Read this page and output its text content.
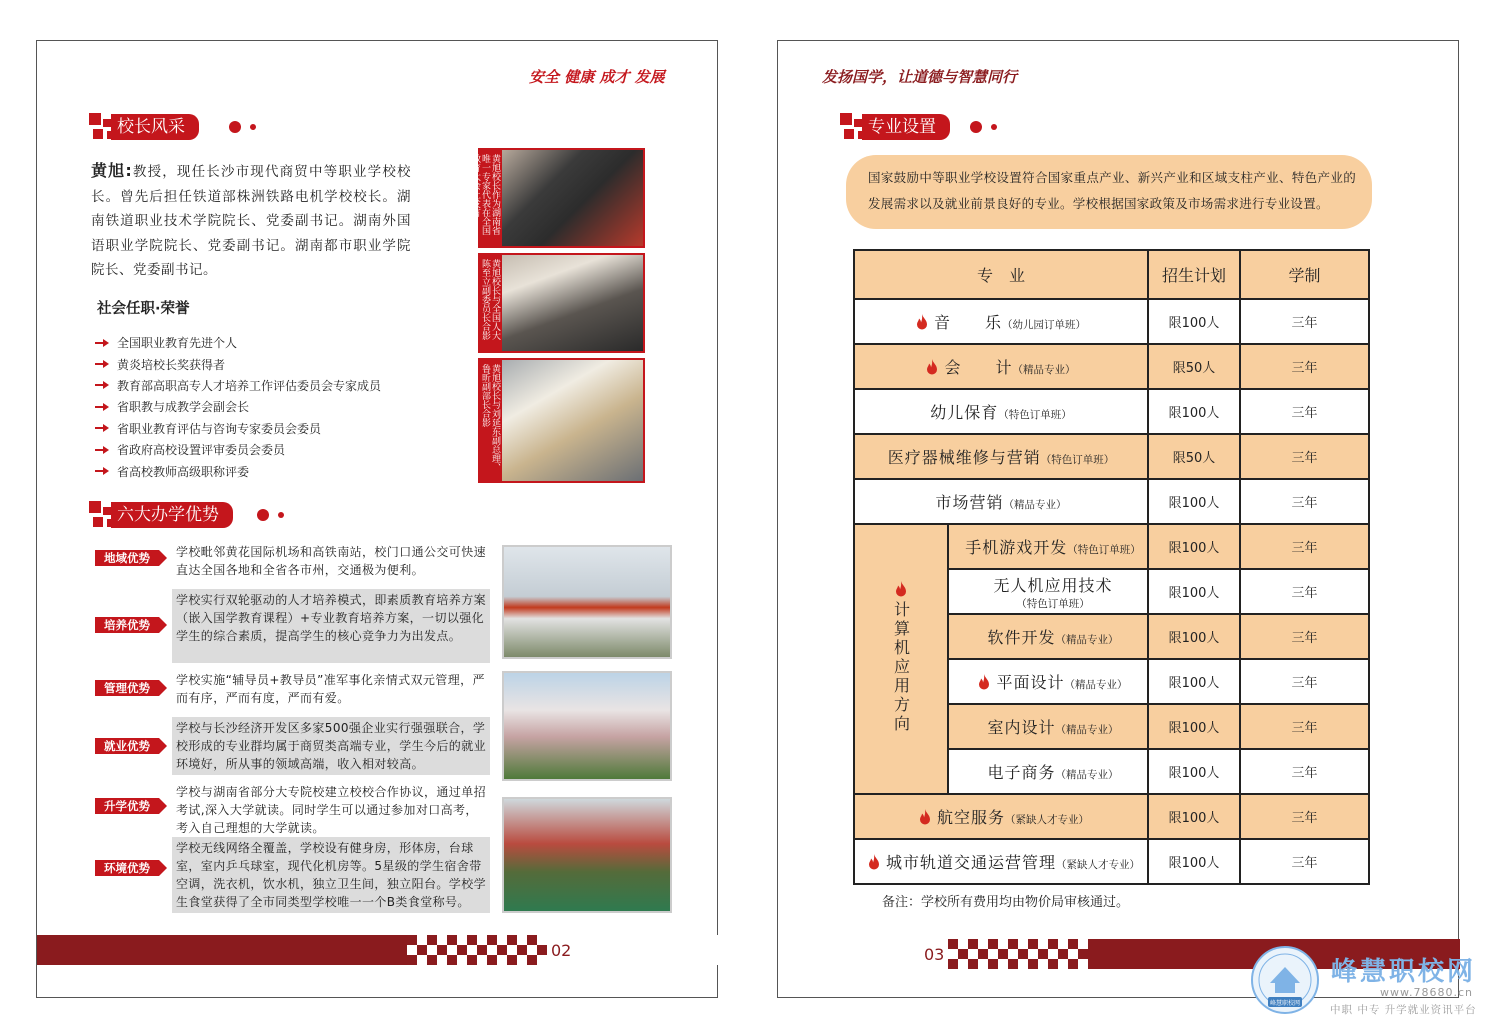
安全 健康 成才 发展
校长风采
黄旭:教授，现任长沙市现代商贸中等职业学校校长。曾先后担任铁道部株洲铁路电机学校校长。湖南铁道职业技术学院院长、党委副书记。湖南外国语职业学院院长、党委副书记。湖南都市职业学院院长、党委副书记。
社会任职·荣誉
全国职业教育先进个人
黄炎培校长奖获得者
教育部高职高专人才培养工作评估委员会专家成员
省职教与成教学会副会长
省职业教育评估与咨询专家委员会委员
省政府高校设置评审委员会委员
省高校教师高级职称评委
黄旭校长作为湖南省唯一专家代表在全国教育大会上发言
黄旭校长与全国人大陈至立副委员长合影
黄旭校长与刘延东副总理、鲁昕副部长合影
六大办学优势
地域优势	学校毗邻黄花国际机场和高铁南站，校门口通公交可快速直达全国各地和全省各市州，交通极为便利。
培养优势
学校实行双轮驱动的人才培养模式，即素质教育培养方案（嵌入国学教育课程）+专业教育培养方案，一切以强化学生的综合素质，提高学生的核心竞争力为出发点。
管理优势
学校实施“辅导员+教导员”准军事化亲情式双元管理，严而有序，严而有度，严而有爱。
就业优势
学校与长沙经济开发区多家500强企业实行强强联合，学校形成的专业群均属于商贸类高端专业，学生今后的就业环境好，所从事的领域高端，收入相对较高。
升学优势
学校与湖南省部分大专院校建立校校合作协议，通过单招考试,深入大学就读。同时学生可以通过参加对口高考，考入自己理想的大学就读。
环境优势
学校无线网络全覆盖，学校设有健身房，形体房，台球室，室内乒乓球室，现代化机房等。5星级的学生宿舍带空调，洗衣机，饮水机，独立卫生间，独立阳台。学校学生食堂获得了全市同类型学校唯一一个B类食堂称号。
02
发扬国学，让道德与智慧同行
专业设置
国家鼓励中等职业学校设置符合国家重点产业、新兴产业和区域支柱产业、特色产业的发展需求以及就业前景良好的专业。学校根据国家政策及市场需求进行专业设置。
专　业		招生计划	学制
音　　乐（幼儿园订单班）		限100人	三年
会　　计（精品专业）		限50人	三年
幼儿保育（特色订单班）		限100人	三年
医疗器械维修与营销（特色订单班）		限50人	三年
市场营销（精品专业）		限100人	三年

计算机应用方向	手机游戏开发（特色订单班）	限100人	三年
	无人机应用技术（特色订单班）	限100人	三年
	软件开发（精品专业）	限100人	三年
	平面设计（精品专业）	限100人	三年
	室内设计（精品专业）	限100人	三年
	电子商务（精品专业）	限100人	三年
航空服务（紧缺人才专业）		限100人	三年
城市轨道交通运营管理（紧缺人才专业）		限100人	三年
备注：学校所有费用均由物价局审核通过。
03
峰慧职校网
峰慧职校网
www.78680.cn
中职 中专 升学就业资讯平台
